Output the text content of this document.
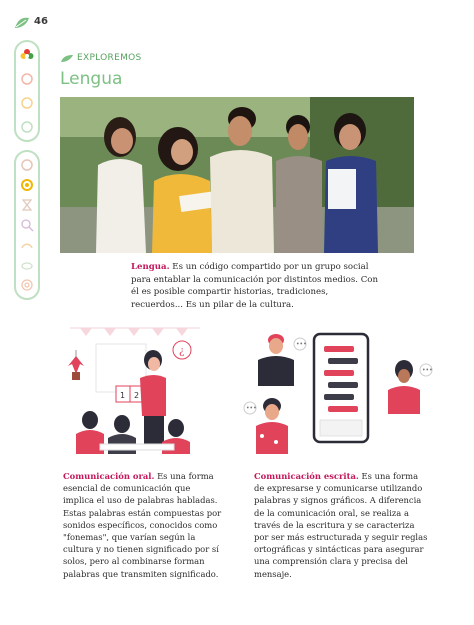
46
EXPLOREMOS
Lengua
Lengua. Es un código compartido por un grupo social para entablar la comunicación por distintos medios. Con él es posible compartir historias, tradiciones, recuerdos... Es un pilar de la cultura.
1 2
¿
•••
•••
•••
Comunicación oral. Es una forma esencial de comunicación que implica el uso de palabras habladas. Estas palabras están compuestas por sonidos específicos, conocidos como "fonemas", que varían según la cultura y no tienen significado por sí solos, pero al combinarse forman palabras que transmiten significado.
Comunicación escrita. Es una forma de expresarse y comunicarse utilizando palabras y signos gráficos. A diferencia de la comunicación oral, se realiza a través de la escritura y se caracteriza por ser más estructurada y seguir reglas ortográficas y sintácticas para asegurar una comprensión clara y precisa del mensaje.
